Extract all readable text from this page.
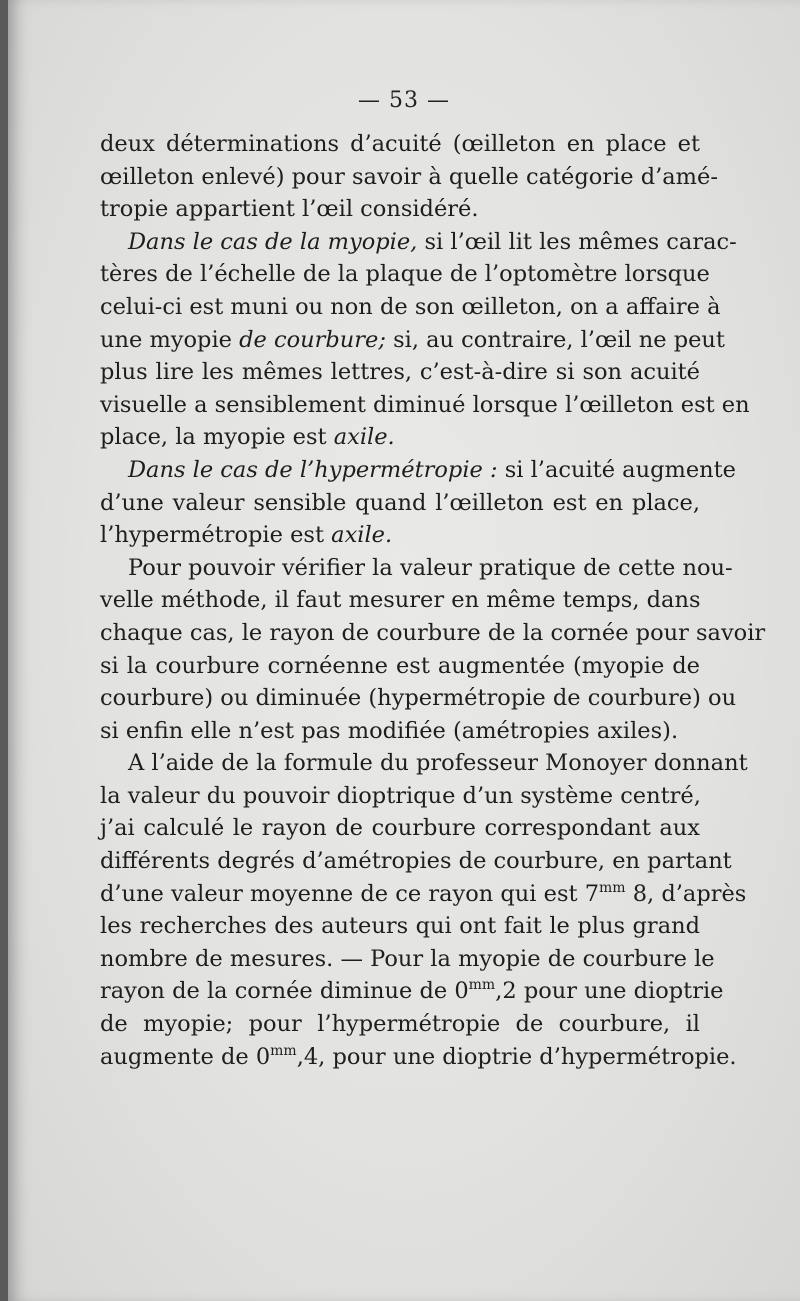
— 53 —

deux déterminations d’acuité (œilleton en place et
œilleton enlevé) pour savoir à quelle catégorie d’amé-
tropie appartient l’œil considéré.

Dans le cas de la myopie, si l’œil lit les mêmes carac-
tères de l’échelle de la plaque de l’optomètre lorsque
celui-ci est muni ou non de son œilleton, on a affaire à
une myopie de courbure; si, au contraire, l’œil ne peut
plus lire les mêmes lettres, c’est-à-dire si son acuité
visuelle a sensiblement diminué lorsque l’œilleton est en
place, la myopie est axile.

Dans le cas de l’hypermétropie : si l’acuité augmente
d’une valeur sensible quand l’œilleton est en place,
l’hypermétropie est axile.

Pour pouvoir vérifier la valeur pratique de cette nou-
velle méthode, il faut mesurer en même temps, dans
chaque cas, le rayon de courbure de la cornée pour savoir
si la courbure cornéenne est augmentée (myopie de
courbure) ou diminuée (hypermétropie de courbure) ou
si enfin elle n’est pas modifiée (amétropies axiles).

A l’aide de la formule du professeur Monoyer donnant
la valeur du pouvoir dioptrique d’un système centré,
j’ai calculé le rayon de courbure correspondant aux
différents degrés d’amétropies de courbure, en partant
d’une valeur moyenne de ce rayon qui est $7^{mm}$ 8, d’après
les recherches des auteurs qui ont fait le plus grand
nombre de mesures. — Pour la myopie de courbure le
rayon de la cornée diminue de $0^{mm},2$ pour une dioptrie
de myopie; pour l’hypermétropie de courbure, il
augmente de $0^{mm},4$, pour une dioptrie d’hypermétropie.
